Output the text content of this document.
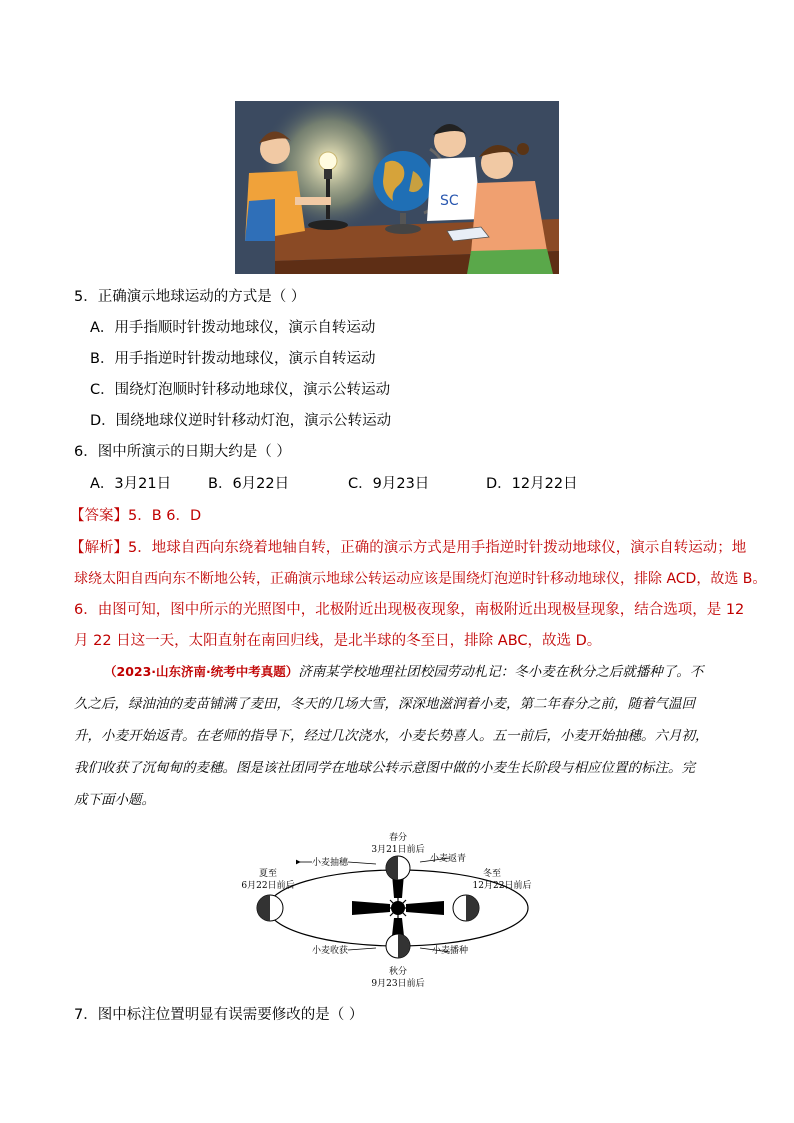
SC
5．正确演示地球运动的方式是（ ）
A．用手指顺时针拨动地球仪，演示自转运动
B．用手指逆时针拨动地球仪，演示自转运动
C．围绕灯泡顺时针移动地球仪，演示公转运动
D．围绕地球仪逆时针移动灯泡，演示公转运动
6．图中所演示的日期大约是（ ）
A．3月21日	B．6月22日	C．9月23日	D．12月22日
【答案】5．B 6．D
【解析】5．地球自西向东绕着地轴自转，正确的演示方式是用手指逆时针拨动地球仪，演示自转运动；地
球绕太阳自西向东不断地公转，正确演示地球公转运动应该是围绕灯泡逆时针移动地球仪，排除 ACD，故选 B。
6．由图可知，图中所示的光照图中，北极附近出现极夜现象，南极附近出现极昼现象，结合选项，是 12
月 22 日这一天，太阳直射在南回归线，是北半球的冬至日，排除 ABC，故选 D。
（2023·山东济南·统考中考真题）济南某学校地理社团校园劳动札记：冬小麦在秋分之后就播种了。不
久之后，绿油油的麦苗铺满了麦田，冬天的几场大雪，深深地滋润着小麦，第二年春分之前，随着气温回
升，小麦开始返青。在老师的指导下，经过几次浇水，小麦长势喜人。五一前后，小麦开始抽穗。六月初，
我们收获了沉甸甸的麦穗。图是该社团同学在地球公转示意图中做的小麦生长阶段与相应位置的标注。完
成下面小题。
春分
3月21日前后
夏至
6月22日前后
冬至
12月22日前后
秋分
9月23日前后
小麦抽穗	小麦返青
小麦收获	小麦播种
7．图中标注位置明显有误需要修改的是（ ）
